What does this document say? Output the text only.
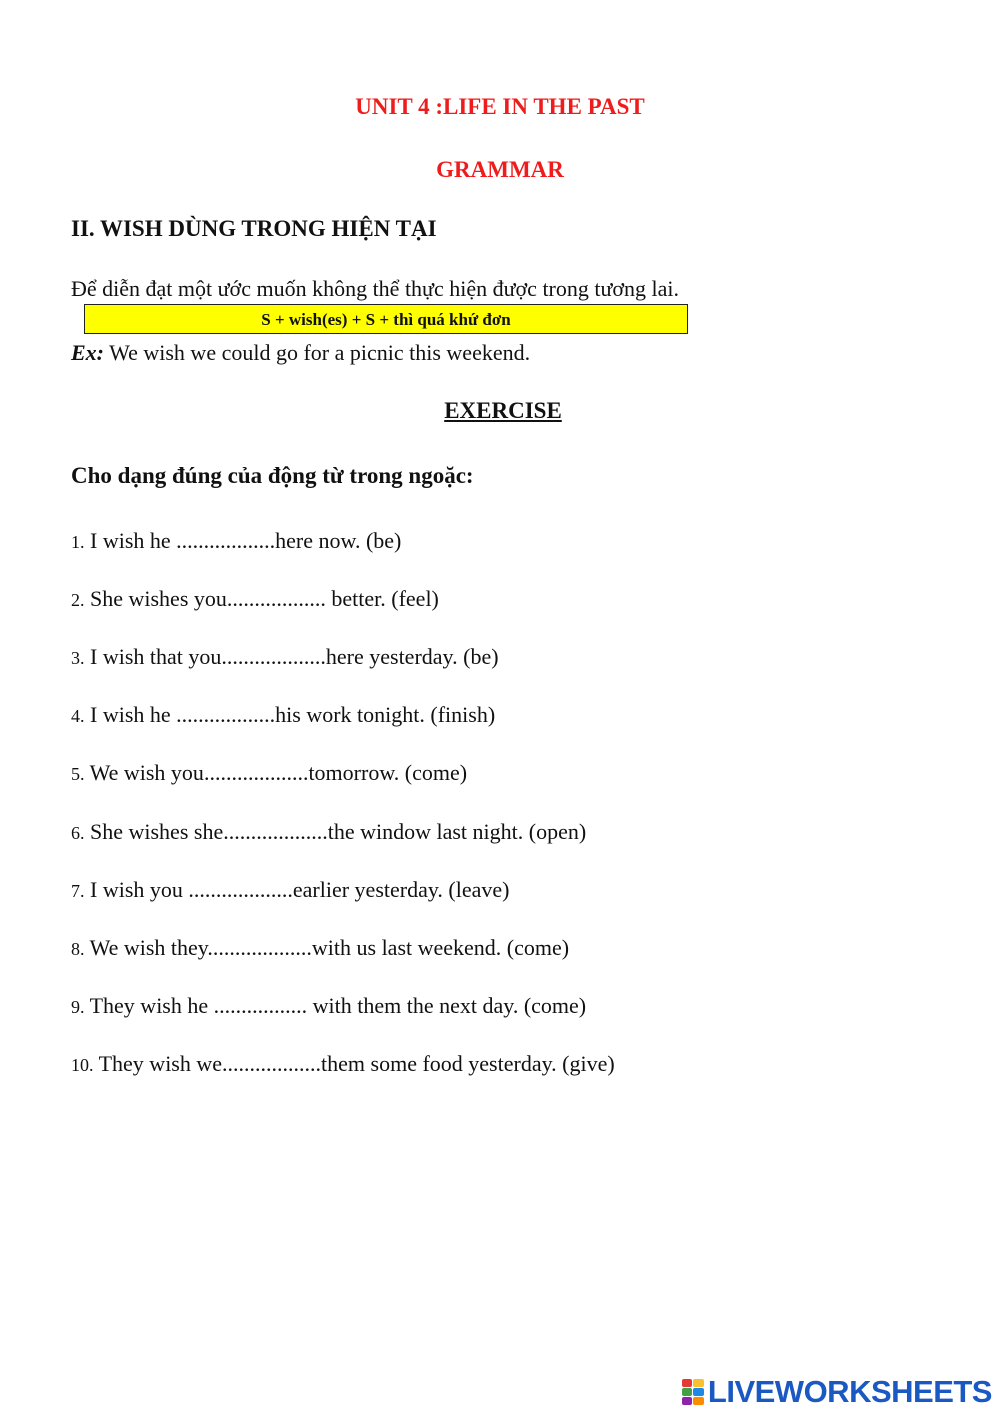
UNIT 4 :LIFE IN THE PAST
GRAMMAR
II. WISH DÙNG TRONG HIỆN TẠI
Để diễn đạt một ước muốn không thể thực hiện được trong tương lai.
S + wish(es) + S + thì quá khứ đơn
Ex: We wish we could go for a picnic this weekend.
EXERCISE
Cho dạng đúng của động từ trong ngoặc:
1. I wish he ..................here now. (be)
2. She wishes you.................. better. (feel)
3. I wish that you...................here yesterday. (be)
4. I wish he ..................his work tonight. (finish)
5. We wish you...................tomorrow. (come)
6. She wishes she...................the window last night. (open)
7. I wish you ...................earlier yesterday. (leave)
8. We wish they...................with us last weekend. (come)
9. They wish he ................. with them the next day. (come)
10. They wish we..................them some food yesterday. (give)
LIVEWORKSHEETS
